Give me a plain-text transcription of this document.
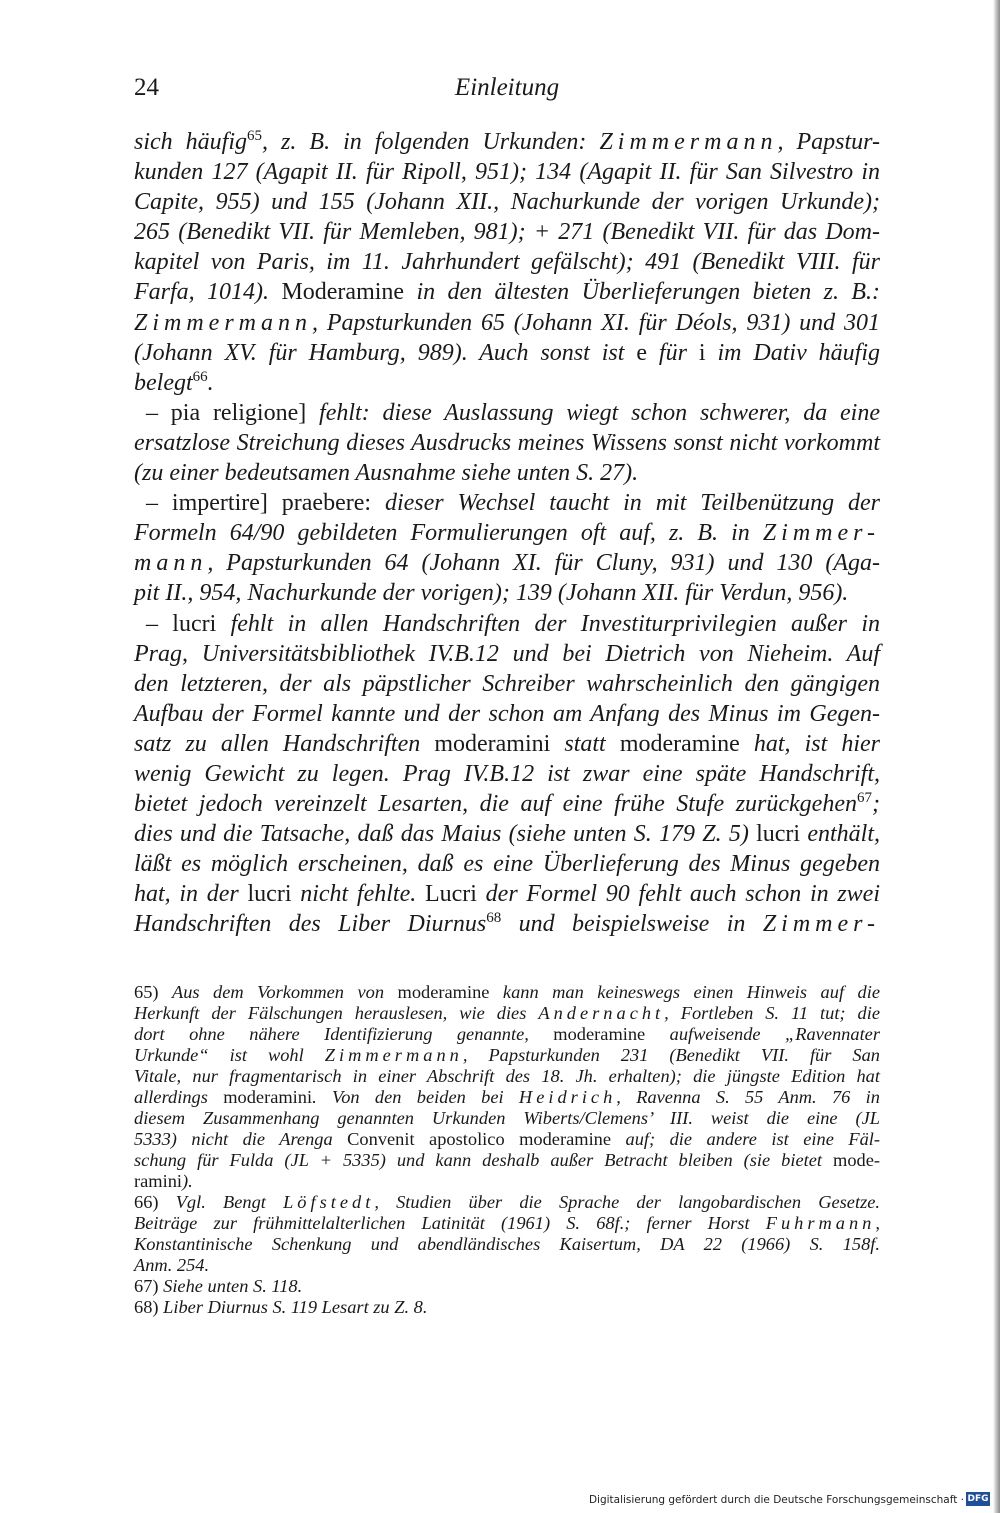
24	Einleitung

sich häufig$^{65}$, z. B. in folgenden Urkunden: Zimmermann, Papstur-

kunden 127 (Agapit II. für Ripoll, 951); 134 (Agapit II. für San Silvestro in

Capite, 955) und 155 (Johann XII., Nachurkunde der vorigen Urkunde);

265 (Benedikt VII. für Memleben, 981); + 271 (Benedikt VII. für das Dom-

kapitel von Paris, im 11. Jahrhundert gefälscht); 491 (Benedikt VIII. für

Farfa, 1014). Moderamine in den ältesten Überlieferungen bieten z. B.:

Zimmermann, Papsturkunden 65 (Johann XI. für Déols, 931) und 301

(Johann XV. für Hamburg, 989). Auch sonst ist e für i im Dativ häufig

belegt$^{66}$.

– pia religione] fehlt: diese Auslassung wiegt schon schwerer, da eine

ersatzlose Streichung dieses Ausdrucks meines Wissens sonst nicht vorkommt

(zu einer bedeutsamen Ausnahme siehe unten S. 27).

– impertire] praebere: dieser Wechsel taucht in mit Teilbenützung der

Formeln 64/90 gebildeten Formulierungen oft auf, z. B. in Zimmer-

mann, Papsturkunden 64 (Johann XI. für Cluny, 931) und 130 (Aga-

pit II., 954, Nachurkunde der vorigen); 139 (Johann XII. für Verdun, 956).

– lucri fehlt in allen Handschriften der Investiturprivilegien außer in

Prag, Universitätsbibliothek IV.B.12 und bei Dietrich von Nieheim. Auf

den letzteren, der als päpstlicher Schreiber wahrscheinlich den gängigen

Aufbau der Formel kannte und der schon am Anfang des Minus im Gegen-

satz zu allen Handschriften moderamini statt moderamine hat, ist hier

wenig Gewicht zu legen. Prag IV.B.12 ist zwar eine späte Handschrift,

bietet jedoch vereinzelt Lesarten, die auf eine frühe Stufe zurückgehen$^{67}$;

dies und die Tatsache, daß das Maius (siehe unten S. 179 Z. 5) lucri enthält,

läßt es möglich erscheinen, daß es eine Überlieferung des Minus gegeben

hat, in der lucri nicht fehlte. Lucri der Formel 90 fehlt auch schon in zwei

Handschriften des Liber Diurnus$^{68}$ und beispielsweise in Zimmer-

65) Aus dem Vorkommen von moderamine kann man keineswegs einen Hinweis auf die

Herkunft der Fälschungen herauslesen, wie dies Andernacht, Fortleben S. 11 tut; die

dort ohne nähere Identifizierung genannte, moderamine aufweisende „Ravennater

Urkunde“ ist wohl Zimmermann, Papsturkunden 231 (Benedikt VII. für San

Vitale, nur fragmentarisch in einer Abschrift des 18. Jh. erhalten); die jüngste Edition hat

allerdings moderamini. Von den beiden bei Heidrich, Ravenna S. 55 Anm. 76 in

diesem Zusammenhang genannten Urkunden Wiberts/Clemens’ III. weist die eine (JL

5333) nicht die Arenga Convenit apostolico moderamine auf; die andere ist eine Fäl-

schung für Fulda (JL + 5335) und kann deshalb außer Betracht bleiben (sie bietet mode-

ramini).

66) Vgl. Bengt Löfstedt, Studien über die Sprache der langobardischen Gesetze.

Beiträge zur frühmittelalterlichen Latinität (1961) S. 68f.; ferner Horst Fuhrmann,

Konstantinische Schenkung und abendländisches Kaisertum, DA 22 (1966) S. 158f.

Anm. 254.

67) Siehe unten S. 118.

68) Liber Diurnus S. 119 Lesart zu Z. 8.

Digitalisierung gefördert durch die Deutsche Forschungsgemeinschaft · DFG
